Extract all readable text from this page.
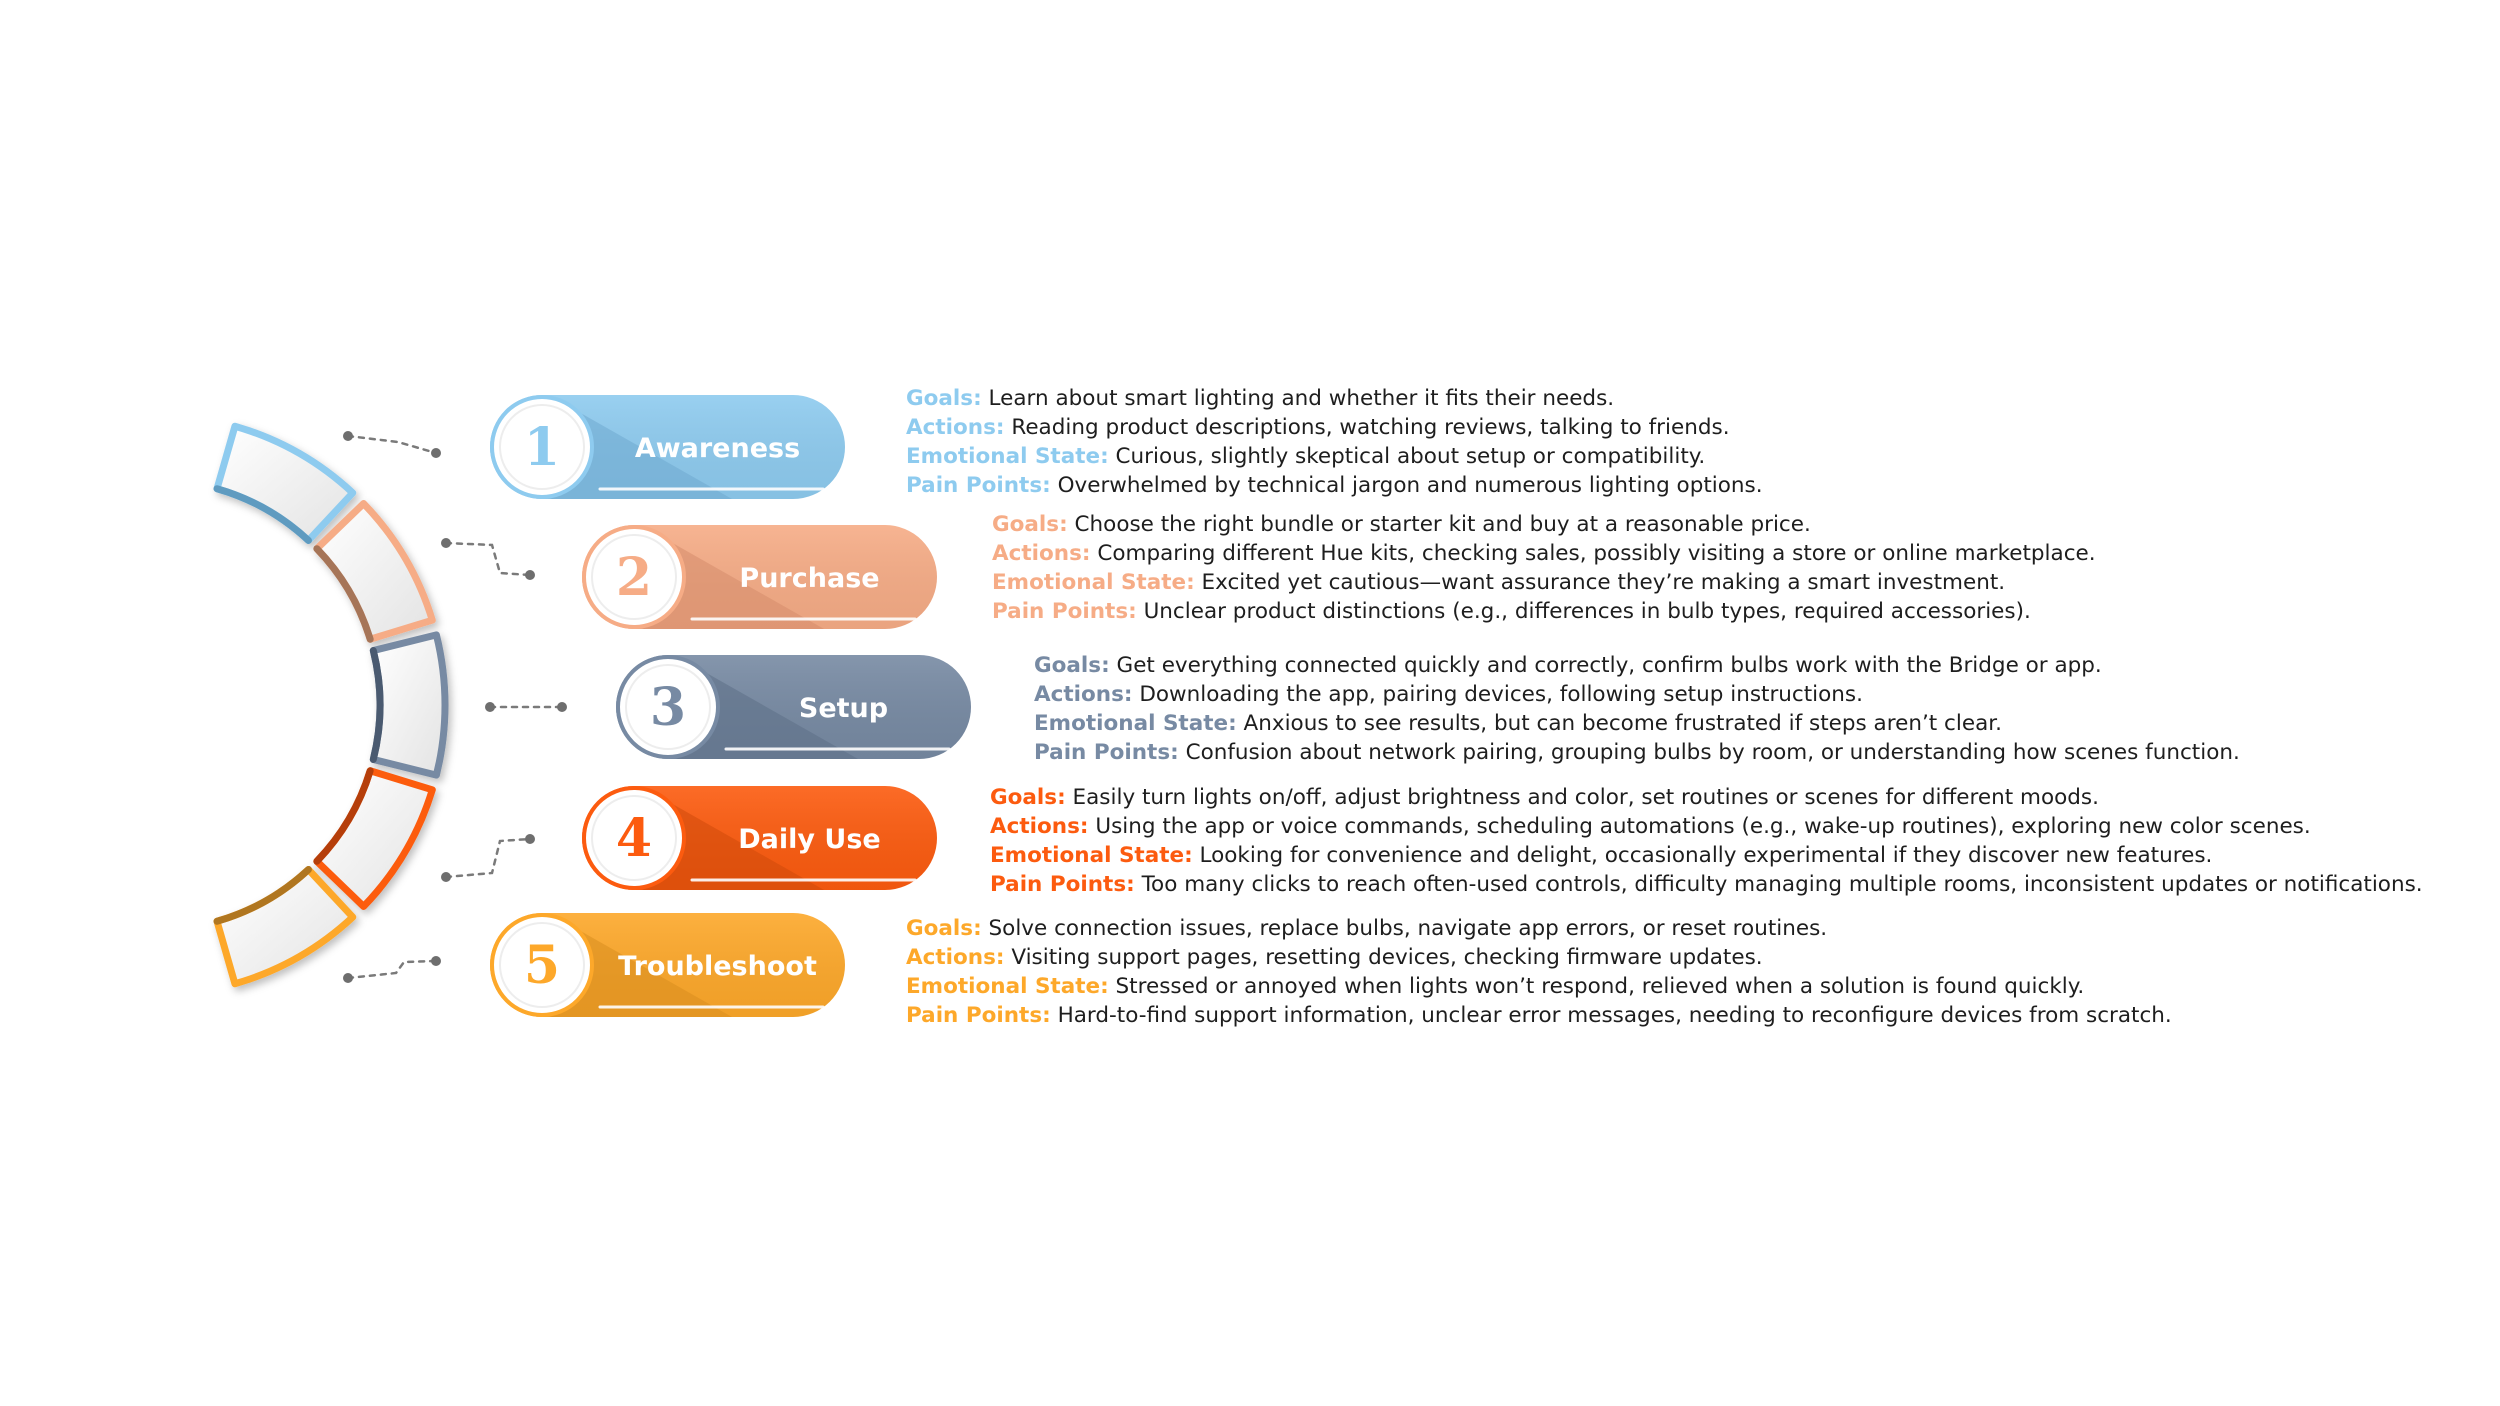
1	Awareness
2	Purchase
3	Setup
4	Daily Use
5 Troubleshoot
Goals: Learn about smart lighting and whether it fits their needs.
Actions: Reading product descriptions, watching reviews, talking to friends.
Emotional State: Curious, slightly skeptical about setup or compatibility.
Pain Points: Overwhelmed by technical jargon and numerous lighting options.
Goals: Choose the right bundle or starter kit and buy at a reasonable price.
Actions: Comparing different Hue kits, checking sales, possibly visiting a store or online marketplace.
Emotional State: Excited yet cautious—want assurance they’re making a smart investment.
Pain Points: Unclear product distinctions (e.g., differences in bulb types, required accessories).
Goals: Get everything connected quickly and correctly, confirm bulbs work with the Bridge or app.
Actions: Downloading the app, pairing devices, following setup instructions.
Emotional State: Anxious to see results, but can become frustrated if steps aren’t clear.
Pain Points: Confusion about network pairing, grouping bulbs by room, or understanding how scenes function.
Goals: Easily turn lights on/off, adjust brightness and color, set routines or scenes for different moods.
Actions: Using the app or voice commands, scheduling automations (e.g., wake-up routines), exploring new color scenes.
Emotional State: Looking for convenience and delight, occasionally experimental if they discover new features.
Pain Points: Too many clicks to reach often-used controls, difficulty managing multiple rooms, inconsistent updates or notifications.
Goals: Solve connection issues, replace bulbs, navigate app errors, or reset routines.
Actions: Visiting support pages, resetting devices, checking firmware updates.
Emotional State: Stressed or annoyed when lights won’t respond, relieved when a solution is found quickly.
Pain Points: Hard-to-find support information, unclear error messages, needing to reconfigure devices from scratch.
